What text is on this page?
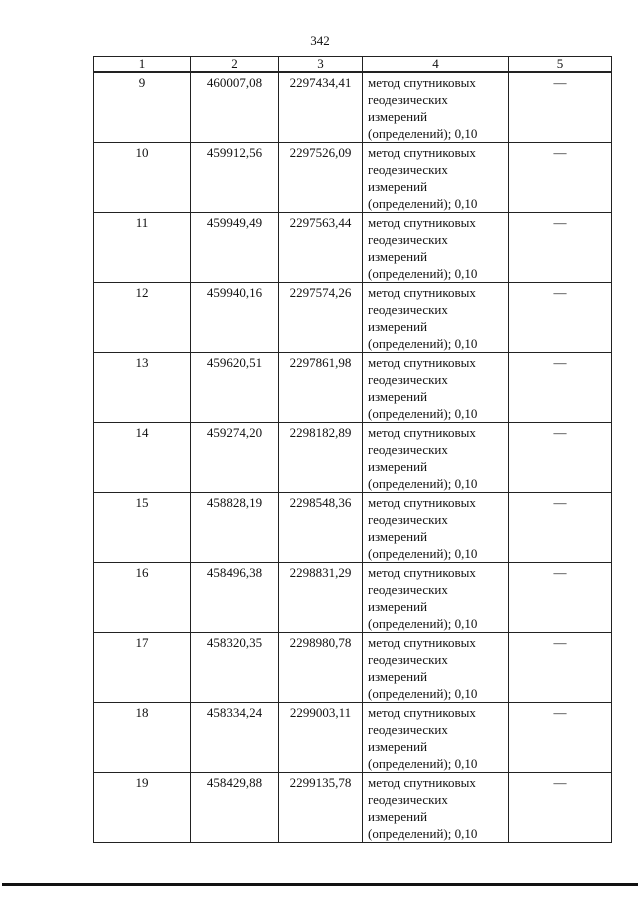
342
1	2	3	4	5
9	460007,08	2297434,41	метод спутниковых
геодезических
измерений
(определений); 0,10	—
10	459912,56	2297526,09	метод спутниковых
геодезических
измерений
(определений); 0,10	—
11	459949,49	2297563,44	метод спутниковых
геодезических
измерений
(определений); 0,10	—
12	459940,16	2297574,26	метод спутниковых
геодезических
измерений
(определений); 0,10	—
13	459620,51	2297861,98	метод спутниковых
геодезических
измерений
(определений); 0,10	—
14	459274,20	2298182,89	метод спутниковых
геодезических
измерений
(определений); 0,10	—
15	458828,19	2298548,36	метод спутниковых
геодезических
измерений
(определений); 0,10	—
16	458496,38	2298831,29	метод спутниковых
геодезических
измерений
(определений); 0,10	—
17	458320,35	2298980,78	метод спутниковых
геодезических
измерений
(определений); 0,10	—
18	458334,24	2299003,11	метод спутниковых
геодезических
измерений
(определений); 0,10	—
19	458429,88	2299135,78	метод спутниковых
геодезических
измерений
(определений); 0,10	—
